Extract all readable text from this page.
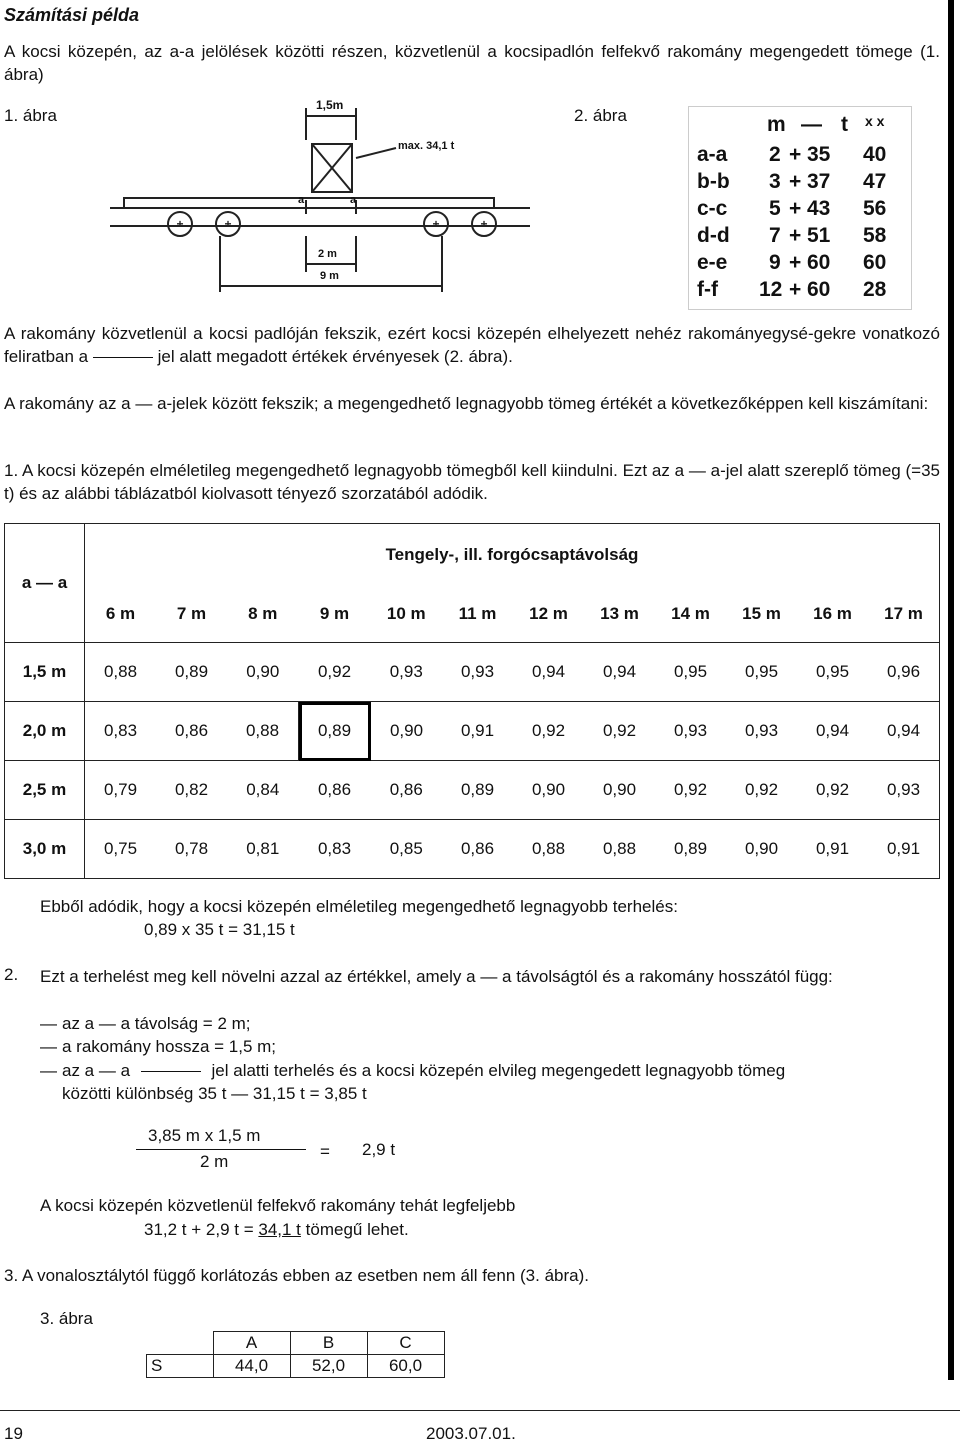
Számítási példa
A kocsi közepén, az a-a jelölések közötti részen, közvetlenül a kocsipadlón felfekvő rakomány megengedett tömege (1. ábra)
1. ábra	2. ábra
+	+	+	+
1,5m
max. 34,1 t
a	a
2 m
9 m
m — t x x
a-a 2 + 35 40
b-b 3 + 37 47
c-c 5 + 43 56
d-d 7 + 51 58
e-e 9 + 60 60
f-f 12 + 60 28
A rakomány közvetlenül a kocsi padlóján fekszik, ezért kocsi közepén elhelyezett nehéz rakományegysé-gekre vonatkozó feliratban a	jel alatt megadott értékek érvényesek (2. ábra).
A rakomány az a — a-jelek között fekszik; a megengedhető legnagyobb tömeg értékét a következőképpen kell kiszámítani:
1. A kocsi közepén elméletileg megengedhető legnagyobb tömegből kell kiindulni. Ezt az a — a-jel alatt szereplő tömeg (=35 t) és az alábbi táblázatból kiolvasott tényező szorzatából adódik.
a — a	Tengely-, ill. forgócsaptávolság											
	6 m	7 m	8 m	9 m	10 m	11 m	12 m	13 m	14 m	15 m	16 m	17 m
1,5 m	0,88	0,89	0,90	0,92	0,93	0,93	0,94	0,94	0,95	0,95	0,95	0,96
2,0 m	0,83	0,86	0,88	0,89	0,90	0,91	0,92	0,92	0,93	0,93	0,94	0,94
2,5 m	0,79	0,82	0,84	0,86	0,86	0,89	0,90	0,90	0,92	0,92	0,92	0,93
3,0 m	0,75	0,78	0,81	0,83	0,85	0,86	0,88	0,88	0,89	0,90	0,91	0,91
Ebből adódik, hogy a kocsi közepén elméletileg megengedhető legnagyobb terhelés:
0,89 x 35 t = 31,15 t
2. Ezt a terhelést meg kell növelni azzal az értékkel, amely a — a távolságtól és a rakomány hosszától függ:
— az a — a távolság = 2 m;
— a rakomány hossza = 1,5 m;
— az a — a	jel alatti terhelés és a kocsi közepén elvileg megengedett legnagyobb tömeg
közötti különbség 35 t — 31,15 t = 3,85 t
3,85 m x 1,5 m
2 m
= 2,9 t
A kocsi közepén közvetlenül felfekvő rakomány tehát legfeljebb
31,2 t + 2,9 t = 34,1 t tömegű lehet.
3. A vonalosztálytól függő korlátozás ebben az esetben nem áll fenn (3. ábra).
3. ábra
	A	B	C
S	44,0	52,0	60,0
19	2003.07.01.
